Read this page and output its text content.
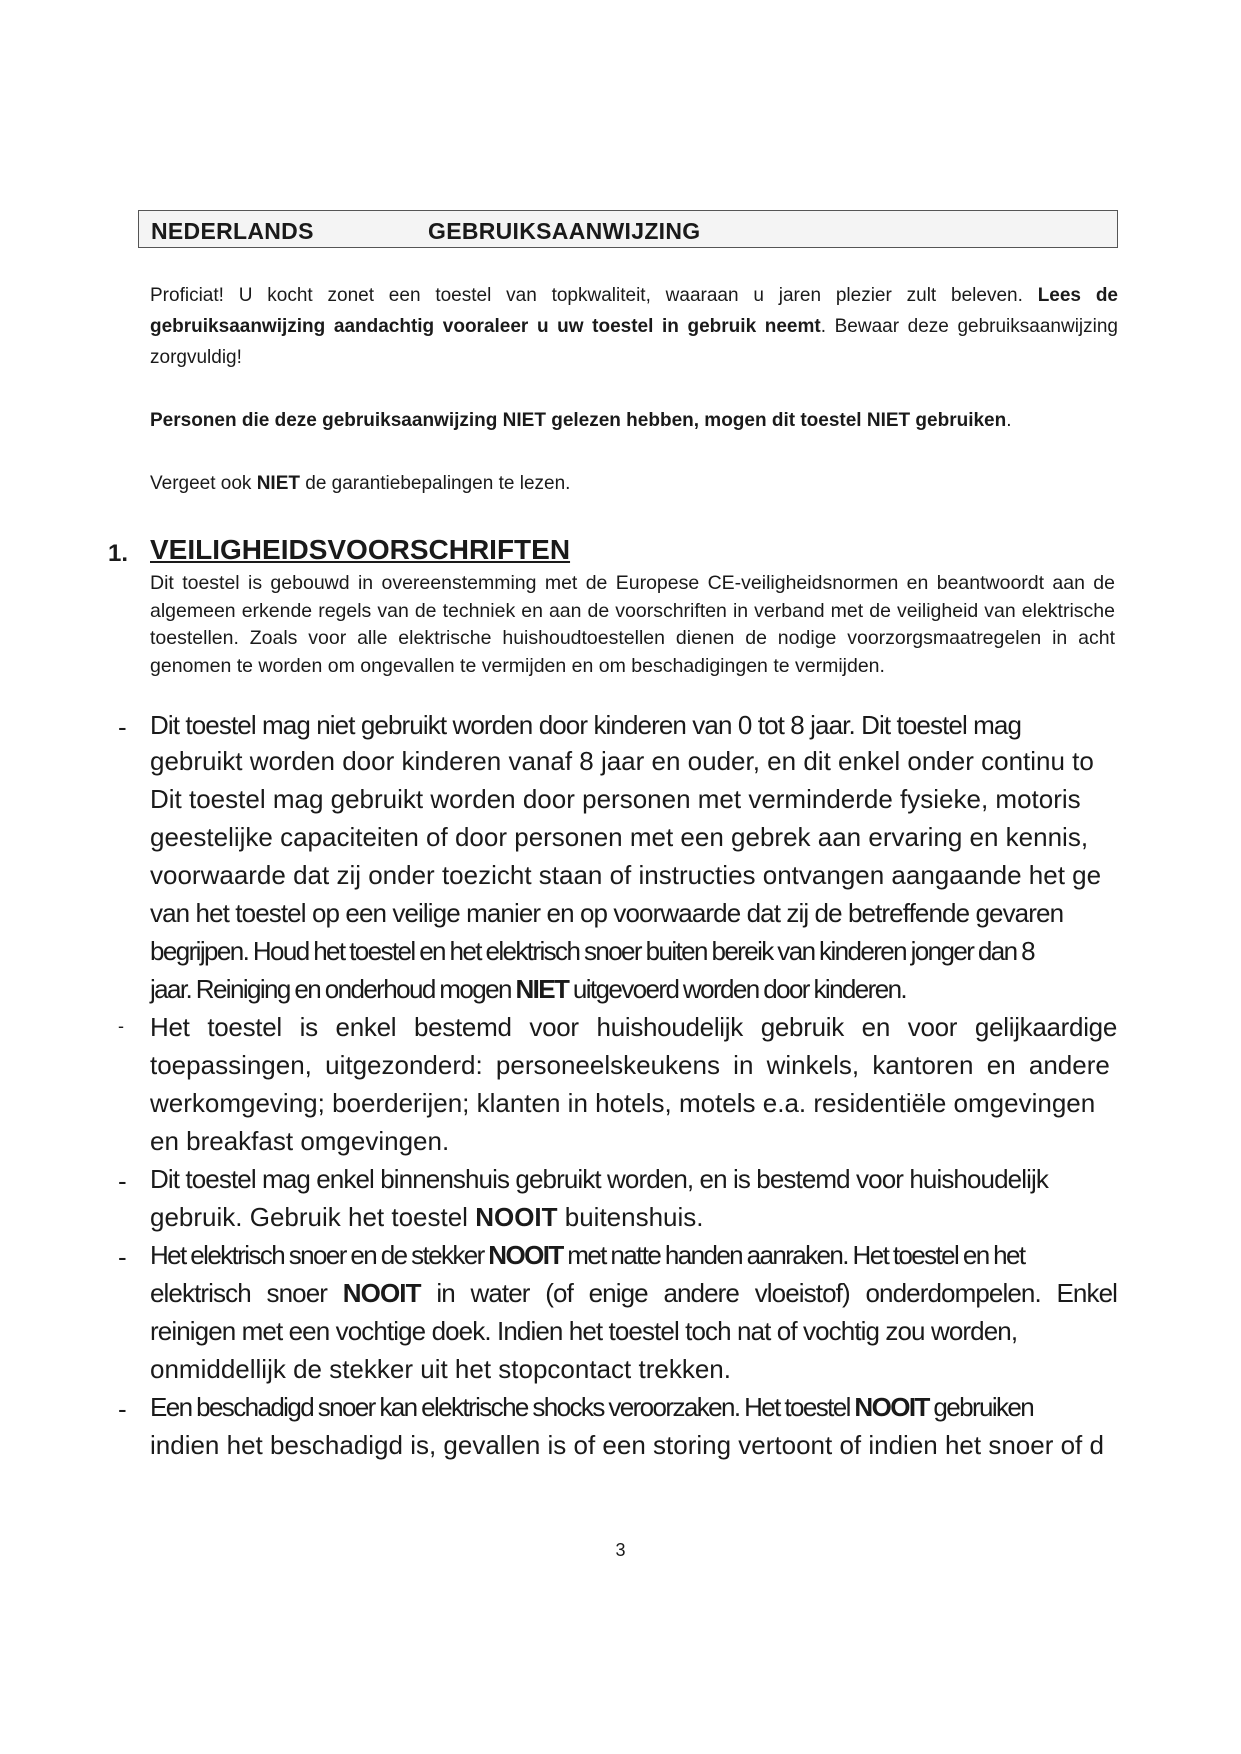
NEDERLANDS	GEBRUIKSAANWIJZING
Proficiat! U kocht zonet een toestel van topkwaliteit, waaraan u jaren plezier zult beleven. Lees de gebruiksaanwijzing aandachtig vooraleer u uw toestel in gebruik neemt. Bewaar deze gebruiksaanwijzing zorgvuldig!
Personen die deze gebruiksaanwijzing NIET gelezen hebben, mogen dit toestel NIET gebruiken.
Vergeet ook NIET de garantiebepalingen te lezen.
1. VEILIGHEIDSVOORSCHRIFTEN
Dit toestel is gebouwd in overeenstemming met de Europese CE-veiligheidsnormen en beantwoordt aan de algemeen erkende regels van de techniek en aan de voorschriften in verband met de veiligheid van elektrische toestellen. Zoals voor alle elektrische huishoudtoestellen dienen de nodige voorzorgsmaatregelen in acht genomen te worden om ongevallen te vermijden en om beschadigingen te vermijden.
- Dit toestel mag niet gebruikt worden door kinderen van 0 tot 8 jaar. Dit toestel mag
gebruikt worden door kinderen vanaf 8 jaar en ouder, en dit enkel onder continu to
Dit toestel mag gebruikt worden door personen met verminderde fysieke, motoris
geestelijke capaciteiten of door personen met een gebrek aan ervaring en kennis,
voorwaarde dat zij onder toezicht staan of instructies ontvangen aangaande het ge
van het toestel op een veilige manier en op voorwaarde dat zij de betreffende gevaren
begrijpen. Houd het toestel en het elektrisch snoer buiten bereik van kinderen jonger dan 8
jaar. Reiniging en onderhoud mogen NIET uitgevoerd worden door kinderen.
- Het toestel is enkel bestemd voor huishoudelijk gebruik en voor gelijkaardige
toepassingen, uitgezonderd: personeelskeukens in winkels, kantoren en andere
werkomgeving; boerderijen; klanten in hotels, motels e.a. residentiële omgevingen
en breakfast omgevingen.
- Dit toestel mag enkel binnenshuis gebruikt worden, en is bestemd voor huishoudelijk
gebruik. Gebruik het toestel NOOIT buitenshuis.
- Het elektrisch snoer en de stekker NOOIT met natte handen aanraken. Het toestel en het
elektrisch snoer NOOIT in water (of enige andere vloeistof) onderdompelen. Enkel
reinigen met een vochtige doek. Indien het toestel toch nat of vochtig zou worden,
onmiddellijk de stekker uit het stopcontact trekken.
- Een beschadigd snoer kan elektrische shocks veroorzaken. Het toestel NOOIT gebruiken
indien het beschadigd is, gevallen is of een storing vertoont of indien het snoer of d
3
